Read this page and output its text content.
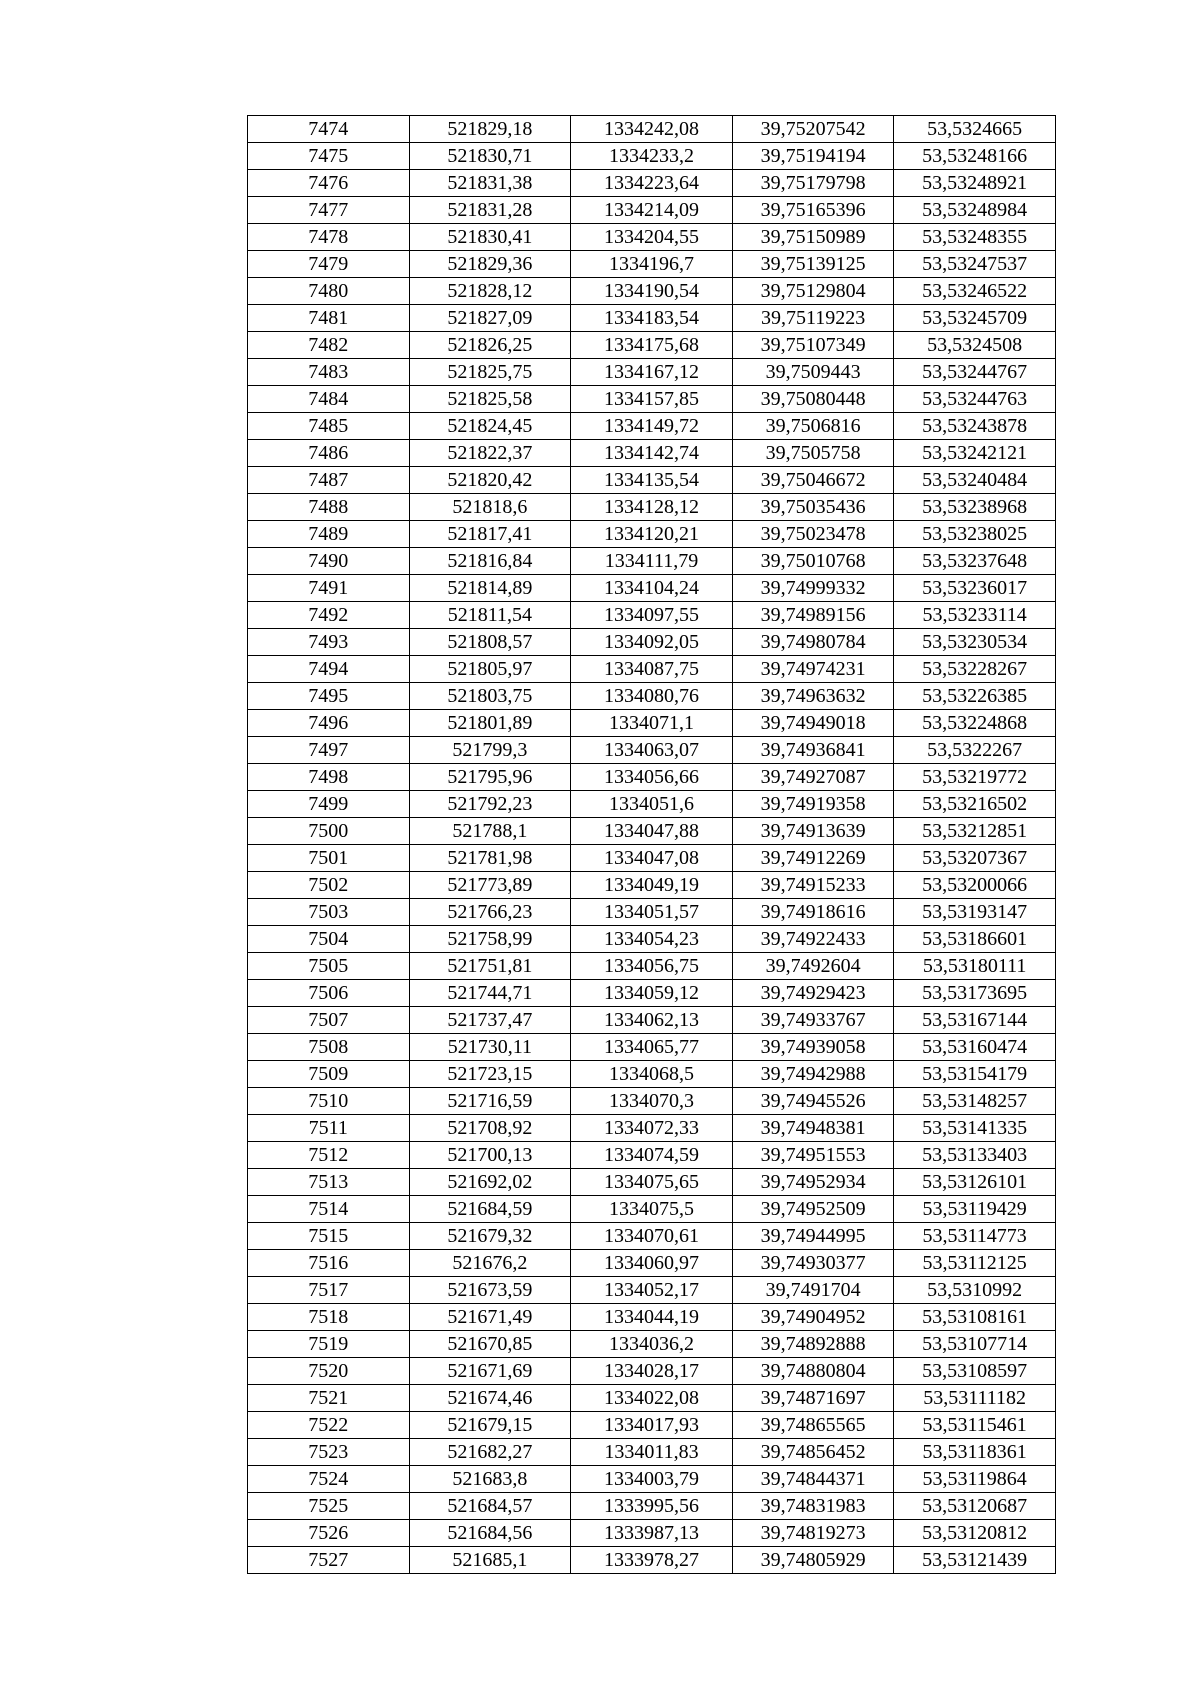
7474	521829,18	1334242,08	39,75207542	53,5324665
7475	521830,71	1334233,2	39,75194194	53,53248166
7476	521831,38	1334223,64	39,75179798	53,53248921
7477	521831,28	1334214,09	39,75165396	53,53248984
7478	521830,41	1334204,55	39,75150989	53,53248355
7479	521829,36	1334196,7	39,75139125	53,53247537
7480	521828,12	1334190,54	39,75129804	53,53246522
7481	521827,09	1334183,54	39,75119223	53,53245709
7482	521826,25	1334175,68	39,75107349	53,5324508
7483	521825,75	1334167,12	39,7509443	53,53244767
7484	521825,58	1334157,85	39,75080448	53,53244763
7485	521824,45	1334149,72	39,7506816	53,53243878
7486	521822,37	1334142,74	39,7505758	53,53242121
7487	521820,42	1334135,54	39,75046672	53,53240484
7488	521818,6	1334128,12	39,75035436	53,53238968
7489	521817,41	1334120,21	39,75023478	53,53238025
7490	521816,84	1334111,79	39,75010768	53,53237648
7491	521814,89	1334104,24	39,74999332	53,53236017
7492	521811,54	1334097,55	39,74989156	53,53233114
7493	521808,57	1334092,05	39,74980784	53,53230534
7494	521805,97	1334087,75	39,74974231	53,53228267
7495	521803,75	1334080,76	39,74963632	53,53226385
7496	521801,89	1334071,1	39,74949018	53,53224868
7497	521799,3	1334063,07	39,74936841	53,5322267
7498	521795,96	1334056,66	39,74927087	53,53219772
7499	521792,23	1334051,6	39,74919358	53,53216502
7500	521788,1	1334047,88	39,74913639	53,53212851
7501	521781,98	1334047,08	39,74912269	53,53207367
7502	521773,89	1334049,19	39,74915233	53,53200066
7503	521766,23	1334051,57	39,74918616	53,53193147
7504	521758,99	1334054,23	39,74922433	53,53186601
7505	521751,81	1334056,75	39,7492604	53,53180111
7506	521744,71	1334059,12	39,74929423	53,53173695
7507	521737,47	1334062,13	39,74933767	53,53167144
7508	521730,11	1334065,77	39,74939058	53,53160474
7509	521723,15	1334068,5	39,74942988	53,53154179
7510	521716,59	1334070,3	39,74945526	53,53148257
7511	521708,92	1334072,33	39,74948381	53,53141335
7512	521700,13	1334074,59	39,74951553	53,53133403
7513	521692,02	1334075,65	39,74952934	53,53126101
7514	521684,59	1334075,5	39,74952509	53,53119429
7515	521679,32	1334070,61	39,74944995	53,53114773
7516	521676,2	1334060,97	39,74930377	53,53112125
7517	521673,59	1334052,17	39,7491704	53,5310992
7518	521671,49	1334044,19	39,74904952	53,53108161
7519	521670,85	1334036,2	39,74892888	53,53107714
7520	521671,69	1334028,17	39,74880804	53,53108597
7521	521674,46	1334022,08	39,74871697	53,53111182
7522	521679,15	1334017,93	39,74865565	53,53115461
7523	521682,27	1334011,83	39,74856452	53,53118361
7524	521683,8	1334003,79	39,74844371	53,53119864
7525	521684,57	1333995,56	39,74831983	53,53120687
7526	521684,56	1333987,13	39,74819273	53,53120812
7527	521685,1	1333978,27	39,74805929	53,53121439
